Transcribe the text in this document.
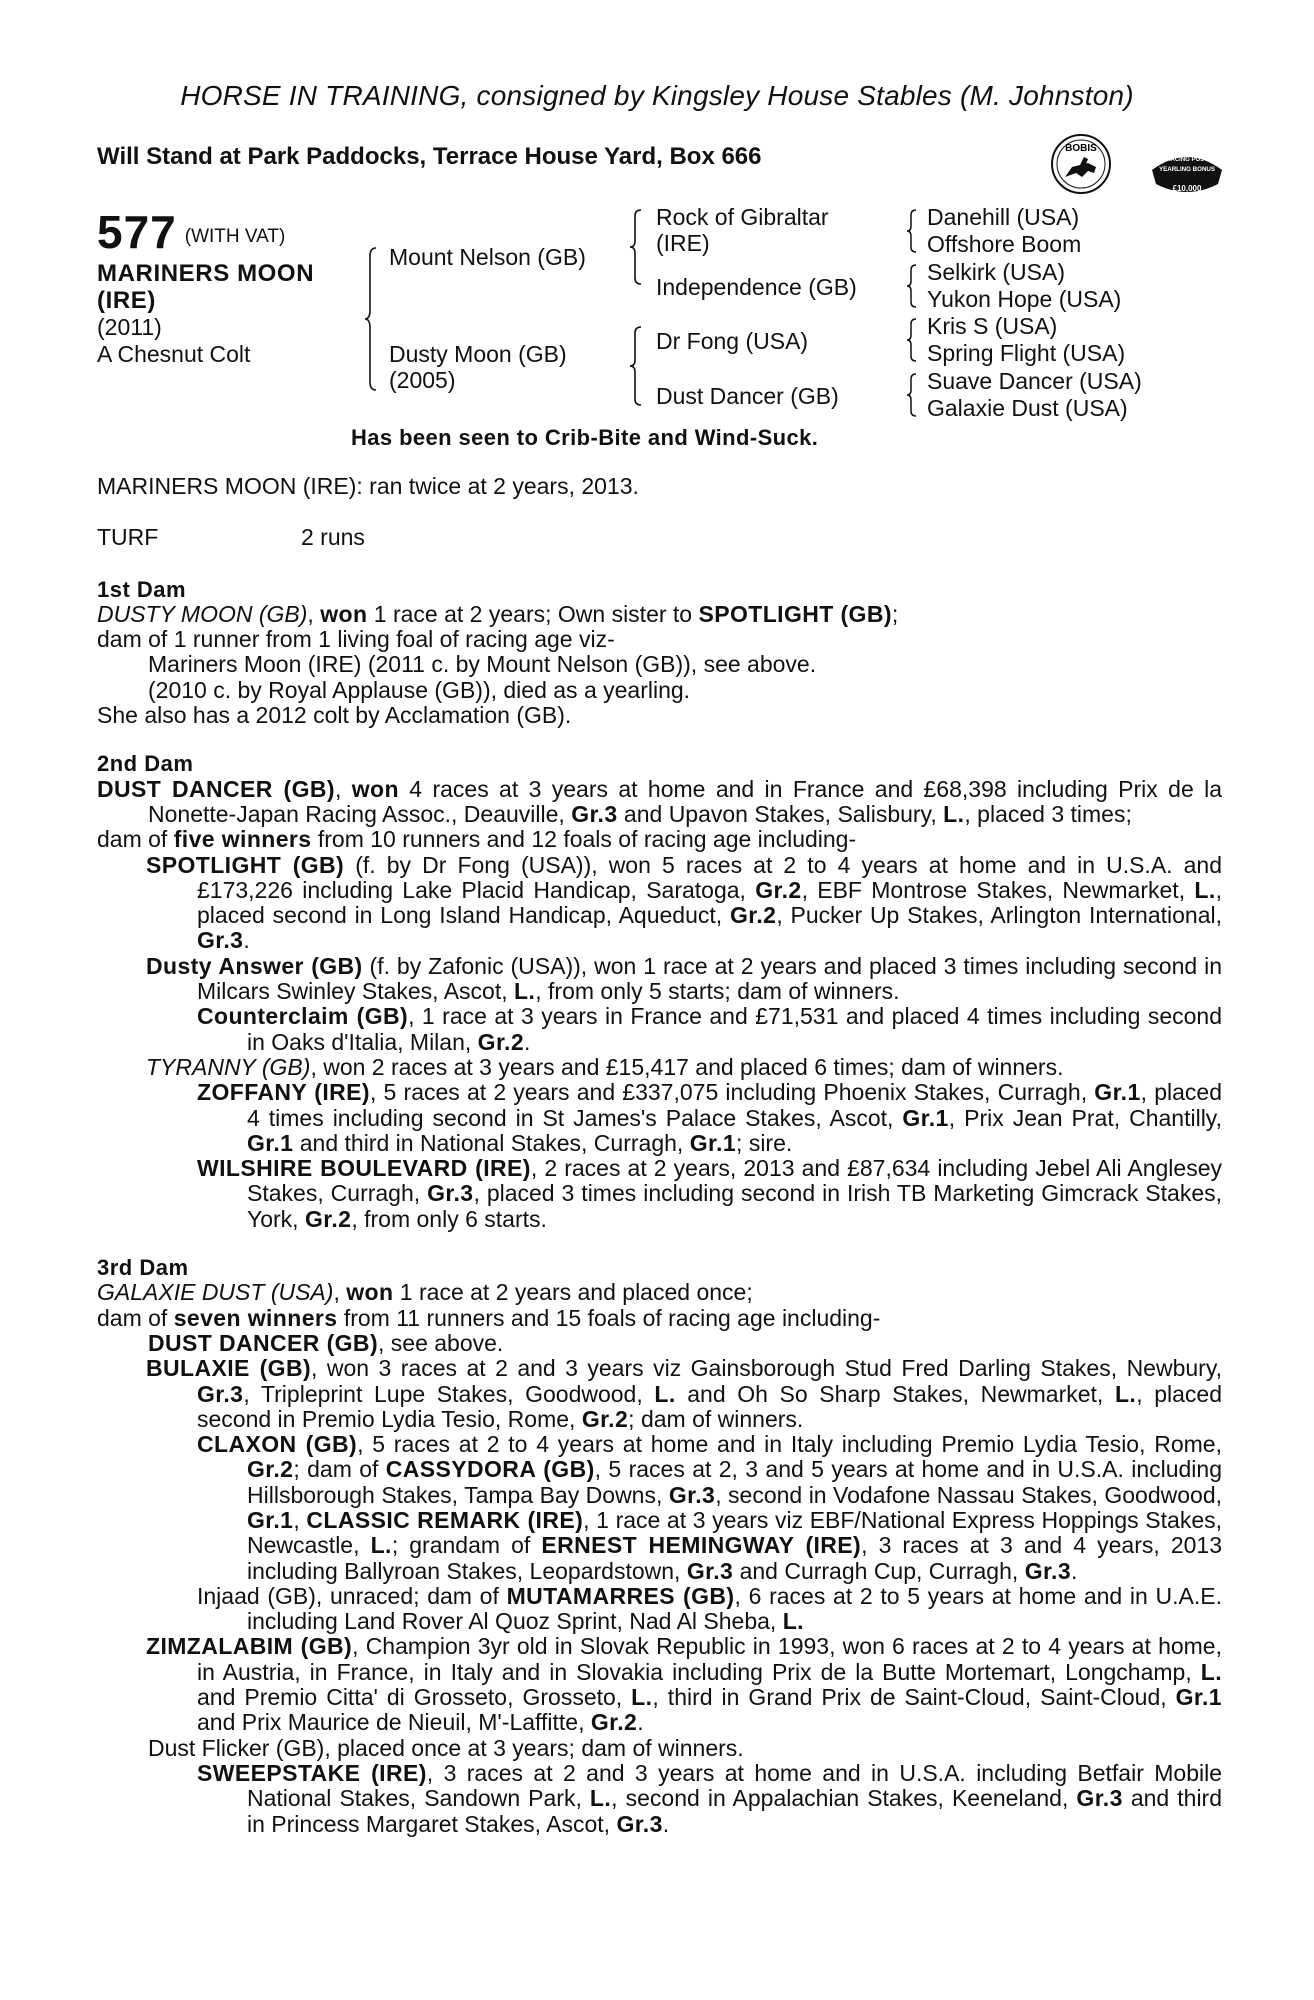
HORSE IN TRAINING, consigned by Kingsley House Stables (M. Johnston)
Will Stand at Park Paddocks, Terrace House Yard, Box 666	BOBIS
RACING POST
YEARLING BONUS
£10,000
577 (WITH VAT)
MARINERS MOON
(IRE)
(2011)
A Chesnut Colt
Mount Nelson (GB)
Dusty Moon (GB)
(2005)
Rock of Gibraltar
(IRE)
Independence (GB)
Dr Fong (USA)
Dust Dancer (GB)
Danehill (USA)
Offshore Boom
Selkirk (USA)
Yukon Hope (USA)
Kris S (USA)
Spring Flight (USA)
Suave Dancer (USA)
Galaxie Dust (USA)
Has been seen to Crib-Bite and Wind-Suck.

MARINERS MOON (IRE): ran twice at 2 years, 2013.

TURF	2 runs

1st Dam

DUSTY MOON (GB), won 1 race at 2 years; Own sister to SPOTLIGHT (GB);

dam of 1 runner from 1 living foal of racing age viz-

Mariners Moon (IRE) (2011 c. by Mount Nelson (GB)), see above.

(2010 c. by Royal Applause (GB)), died as a yearling.

She also has a 2012 colt by Acclamation (GB).

2nd Dam

DUST DANCER (GB), won 4 races at 3 years at home and in France and £68,398 including Prix de la Nonette-Japan Racing Assoc., Deauville, Gr.3 and Upavon Stakes, Salisbury, L., placed 3 times;

dam of five winners from 10 runners and 12 foals of racing age including-

SPOTLIGHT (GB) (f. by Dr Fong (USA)), won 5 races at 2 to 4 years at home and in U.S.A. and £173,226 including Lake Placid Handicap, Saratoga, Gr.2, EBF Montrose Stakes, Newmarket, L., placed second in Long Island Handicap, Aqueduct, Gr.2, Pucker Up Stakes, Arlington International, Gr.3.

Dusty Answer (GB) (f. by Zafonic (USA)), won 1 race at 2 years and placed 3 times including second in Milcars Swinley Stakes, Ascot, L., from only 5 starts; dam of winners.

Counterclaim (GB), 1 race at 3 years in France and £71,531 and placed 4 times including second in Oaks d'Italia, Milan, Gr.2.

TYRANNY (GB), won 2 races at 3 years and £15,417 and placed 6 times; dam of winners.

ZOFFANY (IRE), 5 races at 2 years and £337,075 including Phoenix Stakes, Curragh, Gr.1, placed 4 times including second in St James's Palace Stakes, Ascot, Gr.1, Prix Jean Prat, Chantilly, Gr.1 and third in National Stakes, Curragh, Gr.1; sire.

WILSHIRE BOULEVARD (IRE), 2 races at 2 years, 2013 and £87,634 including Jebel Ali Anglesey Stakes, Curragh, Gr.3, placed 3 times including second in Irish TB Marketing Gimcrack Stakes, York, Gr.2, from only 6 starts.

3rd Dam

GALAXIE DUST (USA), won 1 race at 2 years and placed once;

dam of seven winners from 11 runners and 15 foals of racing age including-

DUST DANCER (GB), see above.

BULAXIE (GB), won 3 races at 2 and 3 years viz Gainsborough Stud Fred Darling Stakes, Newbury, Gr.3, Tripleprint Lupe Stakes, Goodwood, L. and Oh So Sharp Stakes, Newmarket, L., placed second in Premio Lydia Tesio, Rome, Gr.2; dam of winners.

CLAXON (GB), 5 races at 2 to 4 years at home and in Italy including Premio Lydia Tesio, Rome, Gr.2; dam of CASSYDORA (GB), 5 races at 2, 3 and 5 years at home and in U.S.A. including Hillsborough Stakes, Tampa Bay Downs, Gr.3, second in Vodafone Nassau Stakes, Goodwood, Gr.1, CLASSIC REMARK (IRE), 1 race at 3 years viz EBF/National Express Hoppings Stakes, Newcastle, L.; grandam of ERNEST HEMINGWAY (IRE), 3 races at 3 and 4 years, 2013 including Ballyroan Stakes, Leopardstown, Gr.3 and Curragh Cup, Curragh, Gr.3.

Injaad (GB), unraced; dam of MUTAMARRES (GB), 6 races at 2 to 5 years at home and in U.A.E. including Land Rover Al Quoz Sprint, Nad Al Sheba, L.

ZIMZALABIM (GB), Champion 3yr old in Slovak Republic in 1993, won 6 races at 2 to 4 years at home, in Austria, in France, in Italy and in Slovakia including Prix de la Butte Mortemart, Longchamp, L. and Premio Citta' di Grosseto, Grosseto, L., third in Grand Prix de Saint-Cloud, Saint-Cloud, Gr.1 and Prix Maurice de Nieuil, M'-Laffitte, Gr.2.

Dust Flicker (GB), placed once at 3 years; dam of winners.

SWEEPSTAKE (IRE), 3 races at 2 and 3 years at home and in U.S.A. including Betfair Mobile National Stakes, Sandown Park, L., second in Appalachian Stakes, Keeneland, Gr.3 and third in Princess Margaret Stakes, Ascot, Gr.3.
